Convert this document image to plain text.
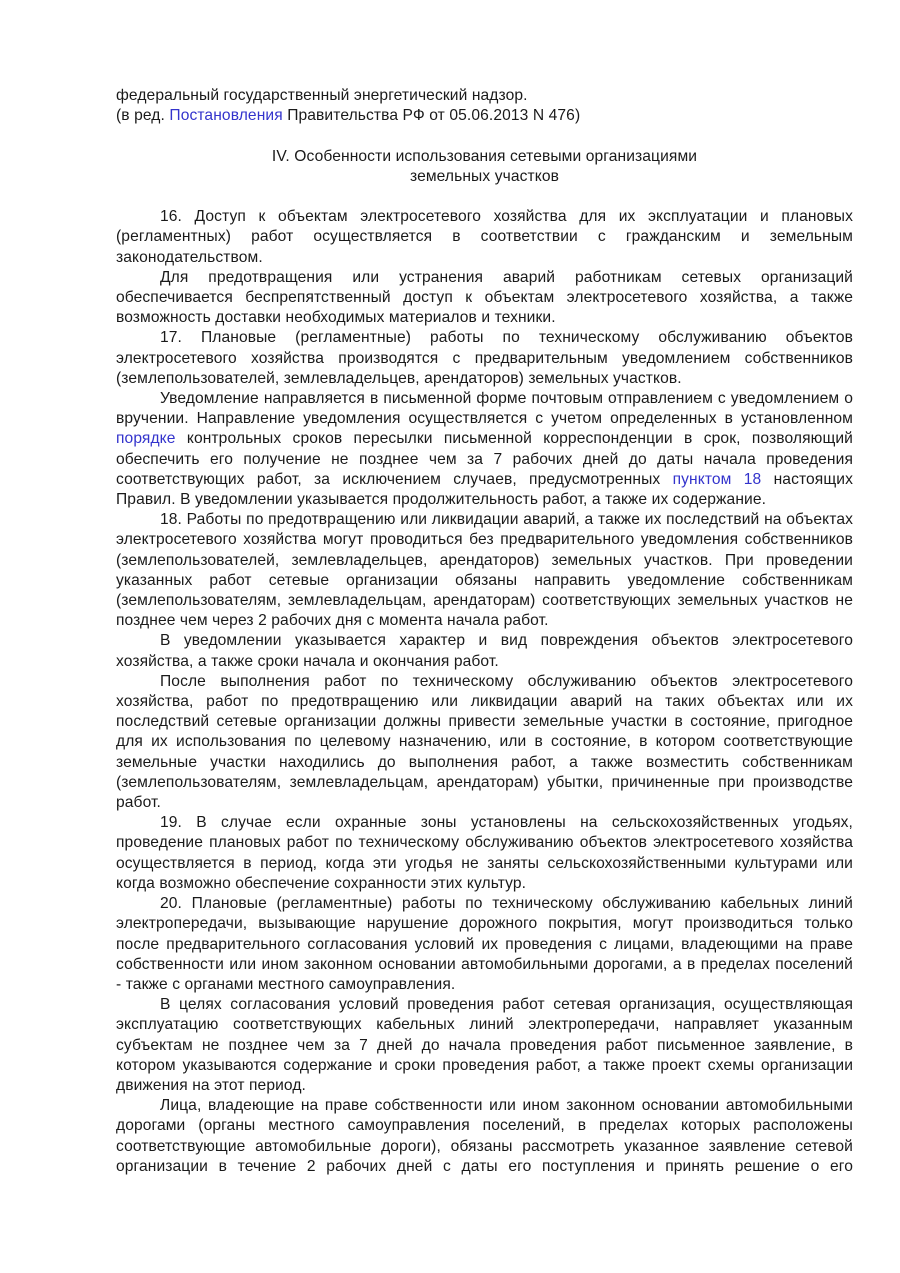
федеральный государственный энергетический надзор.

(в ред. Постановления Правительства РФ от 05.06.2013 N 476)

IV. Особенности использования сетевыми организациями

земельных участков

16. Доступ к объектам электросетевого хозяйства для их эксплуатации и плановых (регламентных) работ осуществляется в соответствии с гражданским и земельным законодательством.

Для предотвращения или устранения аварий работникам сетевых организаций обеспечивается беспрепятственный доступ к объектам электросетевого хозяйства, а также возможность доставки необходимых материалов и техники.

17. Плановые (регламентные) работы по техническому обслуживанию объектов электросетевого хозяйства производятся с предварительным уведомлением собственников (землепользователей, землевладельцев, арендаторов) земельных участков.

Уведомление направляется в письменной форме почтовым отправлением с уведомлением о вручении. Направление уведомления осуществляется с учетом определенных в установленном порядке контрольных сроков пересылки письменной корреспонденции в срок, позволяющий обеспечить его получение не позднее чем за 7 рабочих дней до даты начала проведения соответствующих работ, за исключением случаев, предусмотренных пунктом 18 настоящих Правил. В уведомлении указывается продолжительность работ, а также их содержание.

18. Работы по предотвращению или ликвидации аварий, а также их последствий на объектах электросетевого хозяйства могут проводиться без предварительного уведомления собственников (землепользователей, землевладельцев, арендаторов) земельных участков. При проведении указанных работ сетевые организации обязаны направить уведомление собственникам (землепользователям, землевладельцам, арендаторам) соответствующих земельных участков не позднее чем через 2 рабочих дня с момента начала работ.

В уведомлении указывается характер и вид повреждения объектов электросетевого хозяйства, а также сроки начала и окончания работ.

После выполнения работ по техническому обслуживанию объектов электросетевого хозяйства, работ по предотвращению или ликвидации аварий на таких объектах или их последствий сетевые организации должны привести земельные участки в состояние, пригодное для их использования по целевому назначению, или в состояние, в котором соответствующие земельные участки находились до выполнения работ, а также возместить собственникам (землепользователям, землевладельцам, арендаторам) убытки, причиненные при производстве работ.

19. В случае если охранные зоны установлены на сельскохозяйственных угодьях, проведение плановых работ по техническому обслуживанию объектов электросетевого хозяйства осуществляется в период, когда эти угодья не заняты сельскохозяйственными культурами или когда возможно обеспечение сохранности этих культур.

20. Плановые (регламентные) работы по техническому обслуживанию кабельных линий электропередачи, вызывающие нарушение дорожного покрытия, могут производиться только после предварительного согласования условий их проведения с лицами, владеющими на праве собственности или ином законном основании автомобильными дорогами, а в пределах поселений - также с органами местного самоуправления.

В целях согласования условий проведения работ сетевая организация, осуществляющая эксплуатацию соответствующих кабельных линий электропередачи, направляет указанным субъектам не позднее чем за 7 дней до начала проведения работ письменное заявление, в котором указываются содержание и сроки проведения работ, а также проект схемы организации движения на этот период.

Лица, владеющие на праве собственности или ином законном основании автомобильными дорогами (органы местного самоуправления поселений, в пределах которых расположены соответствующие автомобильные дороги), обязаны рассмотреть указанное заявление сетевой организации в течение 2 рабочих дней с даты его поступления и принять решение о его
